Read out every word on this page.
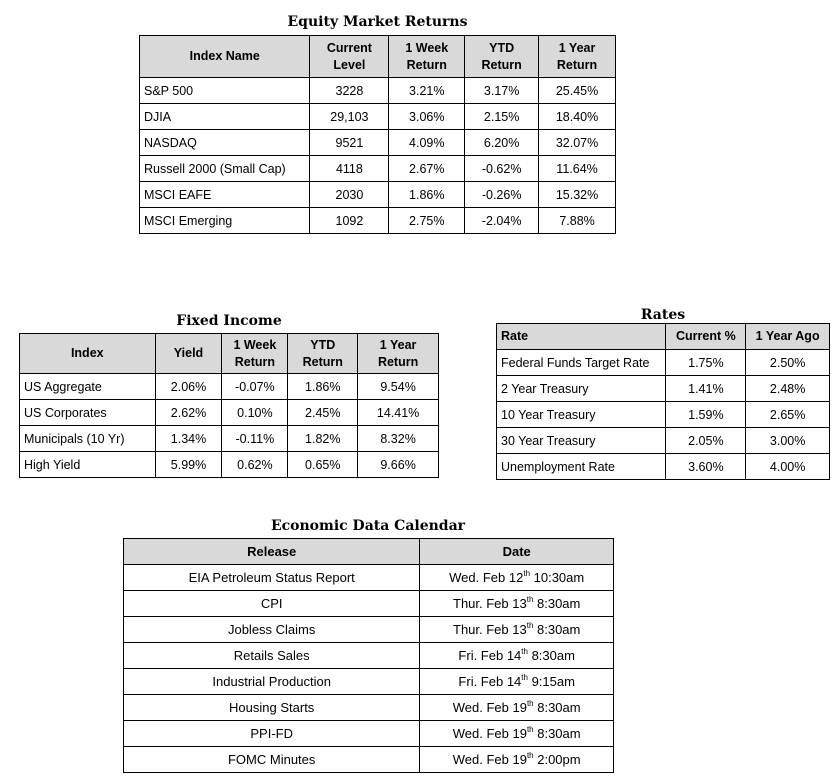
Equity Market Returns
Index Name	Current Level	1 Week Return	YTD Return	1 Year Return
S&P 500	3228	3.21%	3.17%	25.45%
DJIA	29,103	3.06%	2.15%	18.40%
NASDAQ	9521	4.09%	6.20%	32.07%
Russell 2000 (Small Cap)	4118	2.67%	-0.62%	11.64%
MSCI EAFE	2030	1.86%	-0.26%	15.32%
MSCI Emerging	1092	2.75%	-2.04%	7.88%
Fixed Income
Index	Yield	1 Week Return	YTD Return	1 Year Return
US Aggregate	2.06%	-0.07%	1.86%	9.54%
US Corporates	2.62%	0.10%	2.45%	14.41%
Municipals (10 Yr)	1.34%	-0.11%	1.82%	8.32%
High Yield	5.99%	0.62%	0.65%	9.66%
Rates
Rate	Current %	1 Year Ago
Federal Funds Target Rate	1.75%	2.50%
2 Year Treasury	1.41%	2.48%
10 Year Treasury	1.59%	2.65%
30 Year Treasury	2.05%	3.00%
Unemployment Rate	3.60%	4.00%
Economic Data Calendar
Release	Date
EIA Petroleum Status Report	Wed. Feb 12th 10:30am
CPI	Thur. Feb 13th 8:30am
Jobless Claims	Thur. Feb 13th 8:30am
Retails Sales	Fri. Feb 14th 8:30am
Industrial Production	Fri. Feb 14th 9:15am
Housing Starts	Wed. Feb 19th 8:30am
PPI-FD	Wed. Feb 19th 8:30am
FOMC Minutes	Wed. Feb 19th 2:00pm
